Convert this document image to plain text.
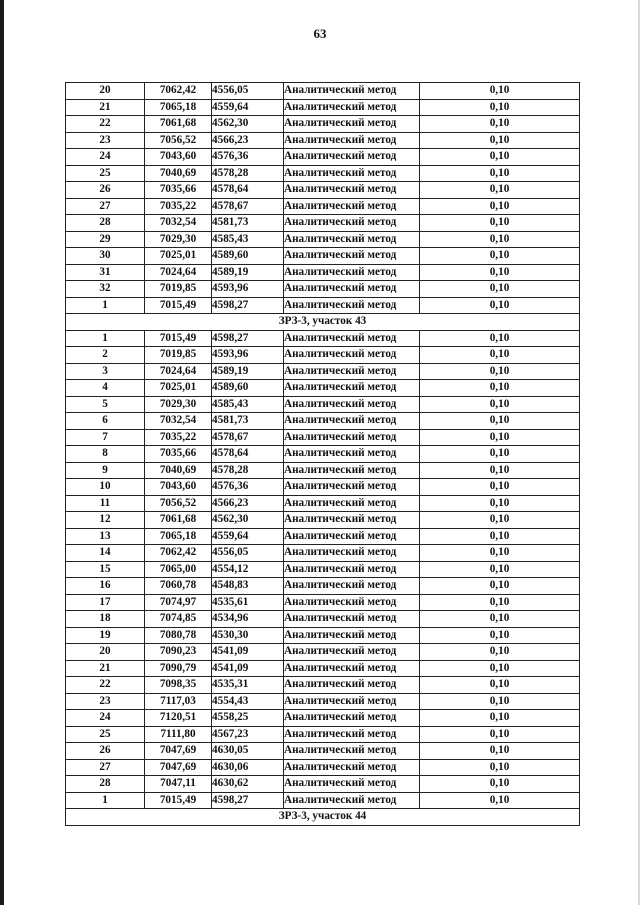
63
20	7062,42	4556,05	Аналитический метод	0,10
21	7065,18	4559,64	Аналитический метод	0,10
22	7061,68	4562,30	Аналитический метод	0,10
23	7056,52	4566,23	Аналитический метод	0,10
24	7043,60	4576,36	Аналитический метод	0,10
25	7040,69	4578,28	Аналитический метод	0,10
26	7035,66	4578,64	Аналитический метод	0,10
27	7035,22	4578,67	Аналитический метод	0,10
28	7032,54	4581,73	Аналитический метод	0,10
29	7029,30	4585,43	Аналитический метод	0,10
30	7025,01	4589,60	Аналитический метод	0,10
31	7024,64	4589,19	Аналитический метод	0,10
32	7019,85	4593,96	Аналитический метод	0,10
1	7015,49	4598,27	Аналитический метод	0,10
ЗРЗ-3, участок 43				
1	7015,49	4598,27	Аналитический метод	0,10
2	7019,85	4593,96	Аналитический метод	0,10
3	7024,64	4589,19	Аналитический метод	0,10
4	7025,01	4589,60	Аналитический метод	0,10
5	7029,30	4585,43	Аналитический метод	0,10
6	7032,54	4581,73	Аналитический метод	0,10
7	7035,22	4578,67	Аналитический метод	0,10
8	7035,66	4578,64	Аналитический метод	0,10
9	7040,69	4578,28	Аналитический метод	0,10
10	7043,60	4576,36	Аналитический метод	0,10
11	7056,52	4566,23	Аналитический метод	0,10
12	7061,68	4562,30	Аналитический метод	0,10
13	7065,18	4559,64	Аналитический метод	0,10
14	7062,42	4556,05	Аналитический метод	0,10
15	7065,00	4554,12	Аналитический метод	0,10
16	7060,78	4548,83	Аналитический метод	0,10
17	7074,97	4535,61	Аналитический метод	0,10
18	7074,85	4534,96	Аналитический метод	0,10
19	7080,78	4530,30	Аналитический метод	0,10
20	7090,23	4541,09	Аналитический метод	0,10
21	7090,79	4541,09	Аналитический метод	0,10
22	7098,35	4535,31	Аналитический метод	0,10
23	7117,03	4554,43	Аналитический метод	0,10
24	7120,51	4558,25	Аналитический метод	0,10
25	7111,80	4567,23	Аналитический метод	0,10
26	7047,69	4630,05	Аналитический метод	0,10
27	7047,69	4630,06	Аналитический метод	0,10
28	7047,11	4630,62	Аналитический метод	0,10
1	7015,49	4598,27	Аналитический метод	0,10
ЗРЗ-3, участок 44				
